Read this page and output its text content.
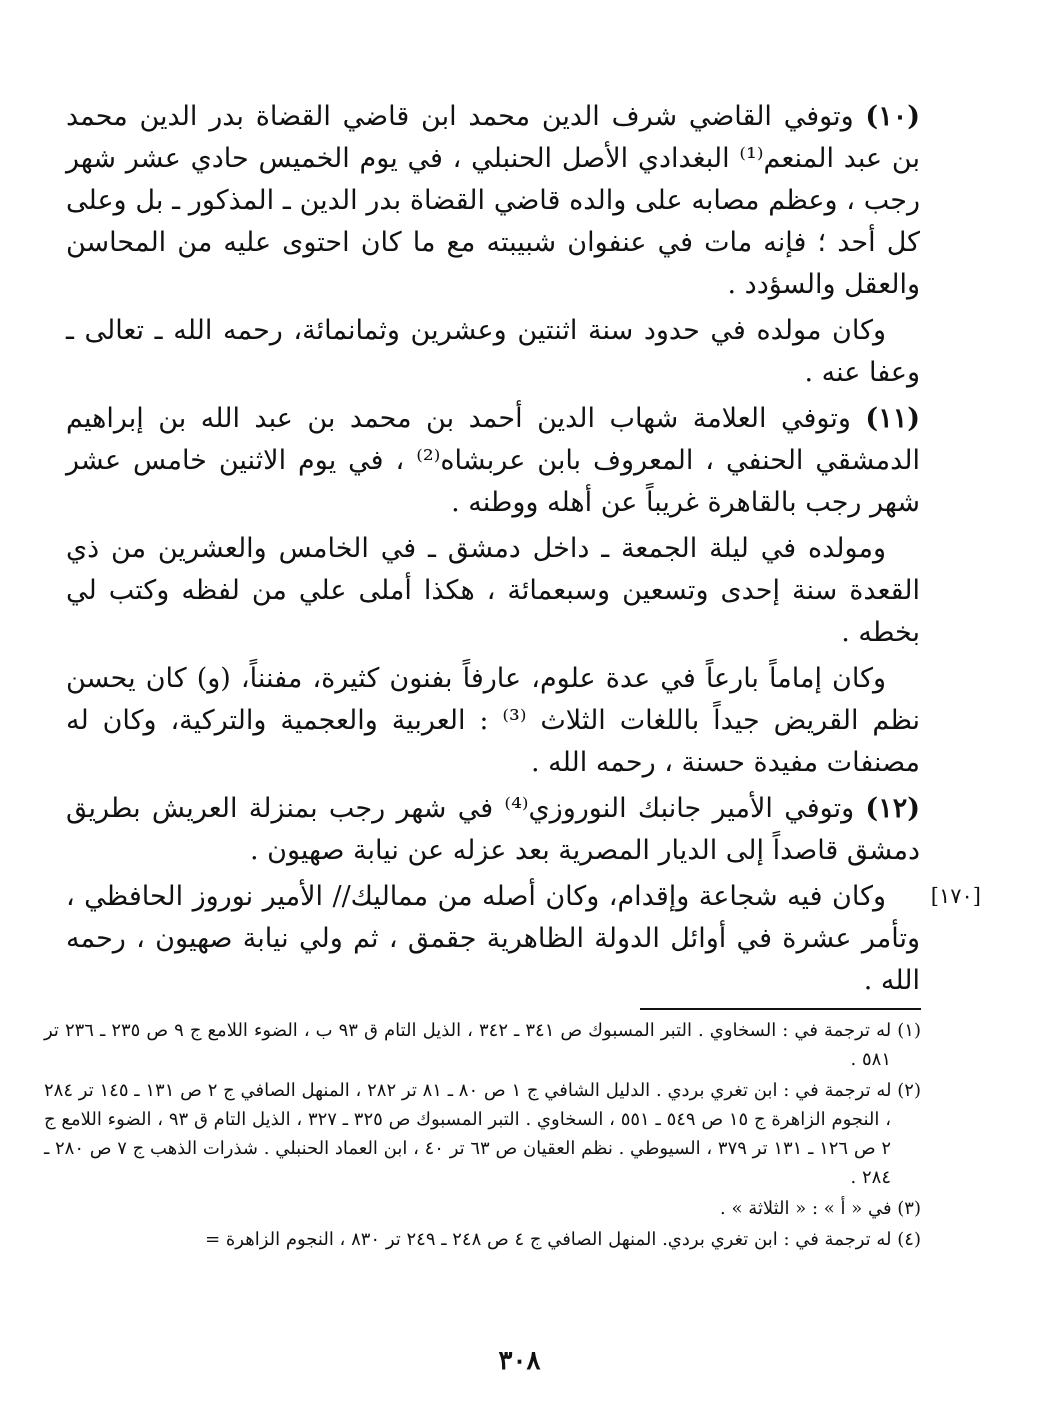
(١٠) وتوفي القاضي شرف الدين محمد ابن قاضي القضاة بدر الدين محمد بن عبد المنعم⁽¹⁾ البغدادي الأصل الحنبلي ، في يوم الخميس حادي عشر شهر رجب ، وعظم مصابه على والده قاضي القضاة بدر الدين ـ المذكور ـ بل وعلى كل أحد ؛ فإنه مات في عنفوان شبيبته مع ما كان احتوى عليه من المحاسن والعقل والسؤدد .

وكان مولده في حدود سنة اثنتين وعشرين وثمانمائة، رحمه الله ـ تعالى ـ وعفا عنه .

(١١) وتوفي العلامة شهاب الدين أحمد بن محمد بن عبد الله بن إبراهيم الدمشقي الحنفي ، المعروف بابن عربشاه⁽²⁾ ، في يوم الاثنين خامس عشر شهر رجب بالقاهرة غريباً عن أهله ووطنه .

ومولده في ليلة الجمعة ـ داخل دمشق ـ في الخامس والعشرين من ذي القعدة سنة إحدى وتسعين وسبعمائة ، هكذا أملى علي من لفظه وكتب لي بخطه .

وكان إماماً بارعاً في عدة علوم، عارفاً بفنون كثيرة، مفنناً، (و) كان يحسن نظم القريض جيداً باللغات الثلاث ⁽³⁾ : العربية والعجمية والتركية، وكان له مصنفات مفيدة حسنة ، رحمه الله .

(١٢) وتوفي الأمير جانبك النوروزي⁽⁴⁾ في شهر رجب بمنزلة العريش بطريق دمشق قاصداً إلى الديار المصرية بعد عزله عن نيابة صهيون .

وكان فيه شجاعة وإقدام، وكان أصله من مماليك// الأمير نوروز الحافظي ، وتأمر عشرة في أوائل الدولة الظاهرية جقمق ، ثم ولي نيابة صهيون ، رحمه الله .

[١٧٠]

(١) له ترجمة في : السخاوي . التبر المسبوك ص ٣٤١ ـ ٣٤٢ ، الذيل التام ق ٩٣ ب ، الضوء اللامع ج ٩ ص ٢٣٥ ـ ٢٣٦ تر ٥٨١ .

(٢) له ترجمة في : ابن تغري بردي . الدليل الشافي ج ١ ص ٨٠ ـ ٨١ تر ٢٨٢ ، المنهل الصافي ج ٢ ص ١٣١ ـ ١٤٥ تر ٢٨٤ ، النجوم الزاهرة ج ١٥ ص ٥٤٩ ـ ٥٥١ ، السخاوي . التبر المسبوك ص ٣٢٥ ـ ٣٢٧ ، الذيل التام ق ٩٣ ، الضوء اللامع ج ٢ ص ١٢٦ ـ ١٣١ تر ٣٧٩ ، السيوطي . نظم العقيان ص ٦٣ تر ٤٠ ، ابن العماد الحنبلي . شذرات الذهب ج ٧ ص ٢٨٠ ـ ٢٨٤ .

(٣) في « أ » : « الثلاثة » .

(٤) له ترجمة في : ابن تغري بردي. المنهل الصافي ج ٤ ص ٢٤٨ ـ ٢٤٩ تر ٨٣٠ ، النجوم الزاهرة =

٣٠٨
